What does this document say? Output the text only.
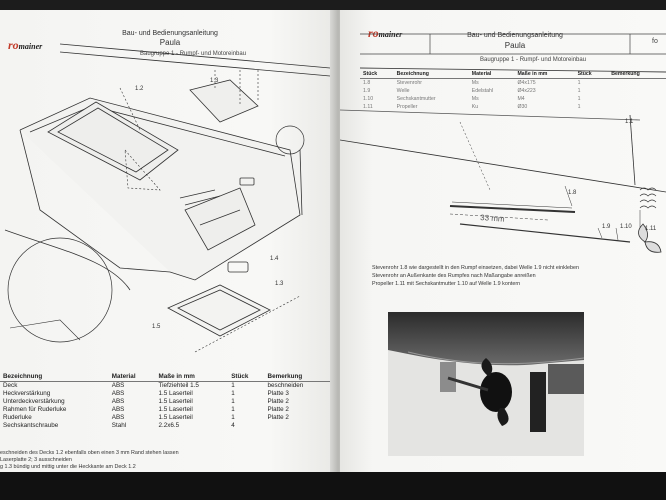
romainer
Bau- und Bedienungsanleitung
Paula
Baugruppe 1 - Rumpf- und Motoreinbau
1.3
1.2
1.4
1.3
1.5
Bezeichnung	Material	Maße in mm	Stück	Bemerkung
Deck	ABS	Tiefziehteil 1.5	1	beschneiden
Heckverstärkung	ABS	1.5 Laserteil	1	Platte 3
Unterdeckverstärkung	ABS	1.5 Laserteil	1	Platte 2
Rahmen für Ruderluke	ABS	1.5 Laserteil	1	Platte 2
Ruderluke	ABS	1.5 Laserteil	1	Platte 2
Sechskantschraube	Stahl	2.2x6.5	4	
eschneiden des Decks 1.2 ebenfalls oben einen 3 mm Rand stehen lassen
Laserplatte 2; 3 ausschneiden
g 1.3 bündig und mittig unter die Heckkante am Deck 1.2
romainer	Bau- und Bedienungsanleitung
Paula
Baugruppe 1 - Rumpf- und Motoreinbau
fo
Stück	Bezeichnung	Material	Maße in mm	Stück	Bemerkung
1.8	Stevenrohr	Ms	Ø4x175	1	
1.9	Welle	Edelstahl	Ø4x223	1	
1.10	Sechskantmutter	Ms	M4	1	
1.11	Propeller	Ku	Ø30	1	
1.1
1.8
33 mm
1.9 1.10 1.11
Stevenrohr 1.8 wie dargestellt in den Rumpf einsetzen, dabei Welle 1.9 nicht einkleben
Stevenrohr an Außenkante des Rumpfes nach Maßangabe anreißen
Propeller 1.11 mit Sechskantmutter 1.10 auf Welle 1.9 kontern
